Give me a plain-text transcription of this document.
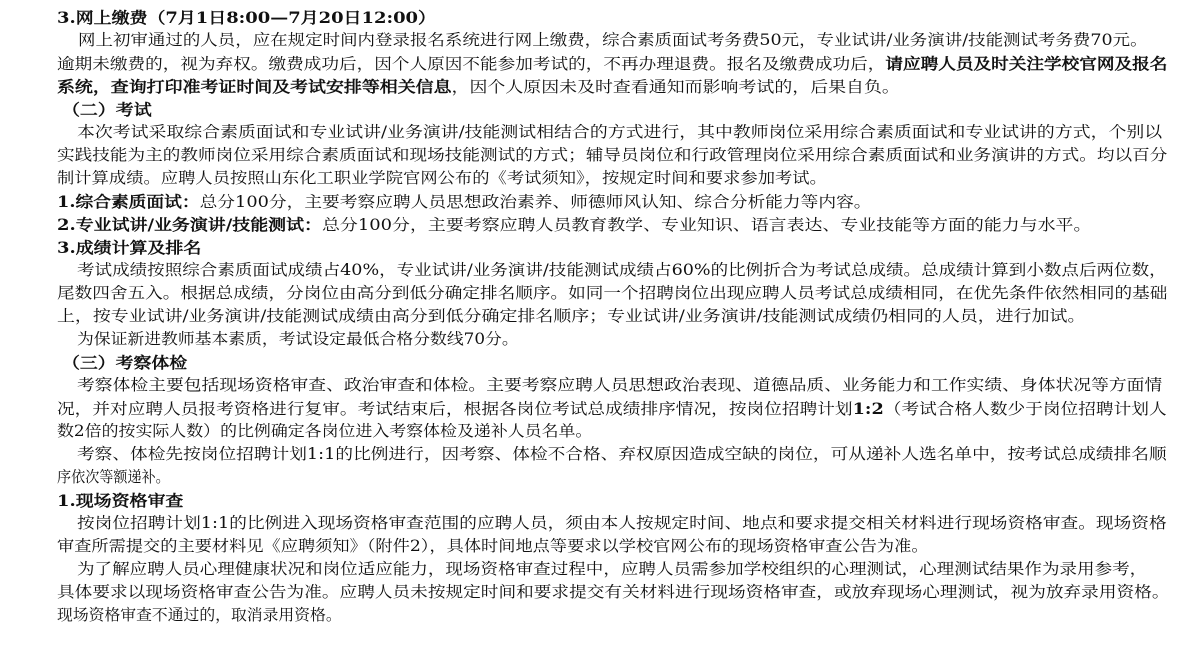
3.网上缴费（7月1日8:00—7月20日12:00）
网上初审通过的人员，应在规定时间内登录报名系统进行网上缴费，综合素质面试考务费50元，专业试讲/业务演讲/技能测试考务费70元。
逾期未缴费的，视为弃权。缴费成功后，因个人原因不能参加考试的，不再办理退费。报名及缴费成功后，请应聘人员及时关注学校官网及报名
系统，查询打印准考证时间及考试安排等相关信息，因个人原因未及时查看通知而影响考试的，后果自负。
（二）考试
本次考试采取综合素质面试和专业试讲/业务演讲/技能测试相结合的方式进行，其中教师岗位采用综合素质面试和专业试讲的方式，个别以
实践技能为主的教师岗位采用综合素质面试和现场技能测试的方式；辅导员岗位和行政管理岗位采用综合素质面试和业务演讲的方式。均以百分
制计算成绩。应聘人员按照山东化工职业学院官网公布的《考试须知》，按规定时间和要求参加考试。
1.综合素质面试：总分100分，主要考察应聘人员思想政治素养、师德师风认知、综合分析能力等内容。
2.专业试讲/业务演讲/技能测试：总分100分，主要考察应聘人员教育教学、专业知识、语言表达、专业技能等方面的能力与水平。
3.成绩计算及排名
考试成绩按照综合素质面试成绩占40%，专业试讲/业务演讲/技能测试成绩占60%的比例折合为考试总成绩。总成绩计算到小数点后两位数，
尾数四舍五入。根据总成绩，分岗位由高分到低分确定排名顺序。如同一个招聘岗位出现应聘人员考试总成绩相同，在优先条件依然相同的基础
上，按专业试讲/业务演讲/技能测试成绩由高分到低分确定排名顺序；专业试讲/业务演讲/技能测试成绩仍相同的人员，进行加试。
为保证新进教师基本素质，考试设定最低合格分数线70分。
（三）考察体检
考察体检主要包括现场资格审查、政治审查和体检。主要考察应聘人员思想政治表现、道德品质、业务能力和工作实绩、身体状况等方面情
况，并对应聘人员报考资格进行复审。考试结束后，根据各岗位考试总成绩排序情况，按岗位招聘计划1:2（考试合格人数少于岗位招聘计划人
数2倍的按实际人数）的比例确定各岗位进入考察体检及递补人员名单。
考察、体检先按岗位招聘计划1:1的比例进行，因考察、体检不合格、弃权原因造成空缺的岗位，可从递补人选名单中，按考试总成绩排名顺
序依次等额递补。
1.现场资格审查
按岗位招聘计划1:1的比例进入现场资格审查范围的应聘人员，须由本人按规定时间、地点和要求提交相关材料进行现场资格审查。现场资格
审查所需提交的主要材料见《应聘须知》（附件2），具体时间地点等要求以学校官网公布的现场资格审查公告为准。
为了解应聘人员心理健康状况和岗位适应能力，现场资格审查过程中，应聘人员需参加学校组织的心理测试，心理测试结果作为录用参考，
具体要求以现场资格审查公告为准。应聘人员未按规定时间和要求提交有关材料进行现场资格审查，或放弃现场心理测试，视为放弃录用资格。
现场资格审查不通过的，取消录用资格。
